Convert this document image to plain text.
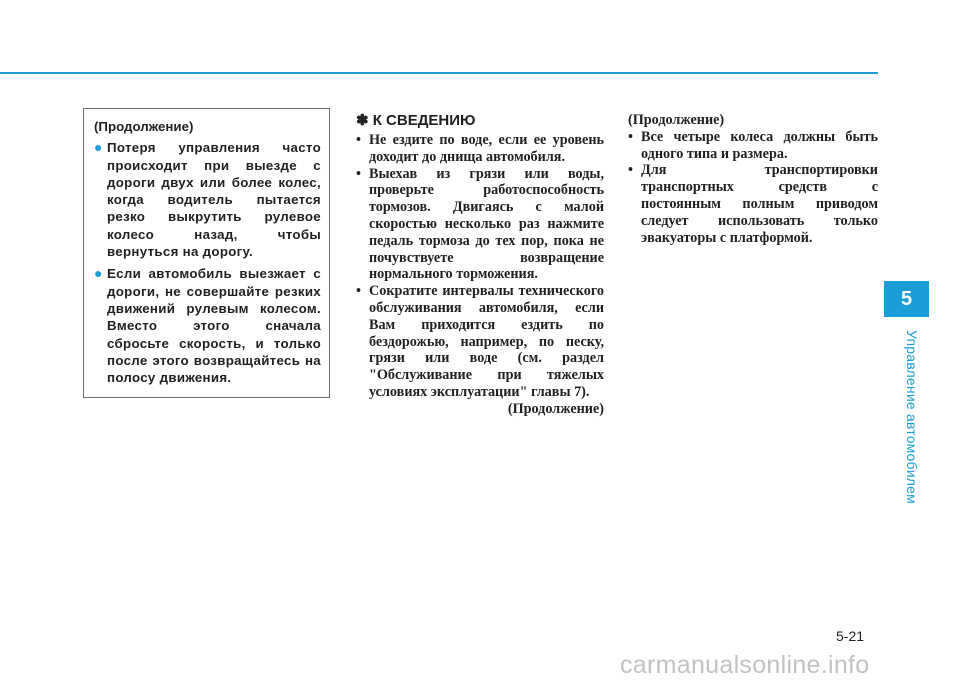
5
Управление автомобилем
(Продолжение)
● Потеря управления часто происходит при выезде с дороги двух или более колес, когда водитель пытается резко выкрутить рулевое колесо назад, чтобы вернуться на дорогу.
● Если автомобиль выезжает с дороги, не совершайте резких движений рулевым колесом. Вместо этого сначала сбросьте скорость, и только после этого возвращайтесь на полосу движения.
✽ К СВЕДЕНИЮ
• Не ездите по воде, если ее уровень доходит до днища автомобиля.
• Выехав из грязи или воды, проверьте работоспособность тормозов. Двигаясь с малой скоростью несколько раз нажмите педаль тормоза до тех пор, пока не почувствуете возвращение нормального торможения.
• Сократите интервалы технического обслуживания автомобиля, если Вам приходится ездить по бездорожью, например, по песку, грязи или воде (см. раздел "Обслуживание при тяжелых условиях эксплуатации" главы 7).
(Продолжение)
(Продолжение)
• Все четыре колеса должны быть одного типа и размера.
• Для транспортировки транспортных средств с постоянным полным приводом следует использовать только эвакуаторы с платформой.
5-21
carmanualsonline.info
